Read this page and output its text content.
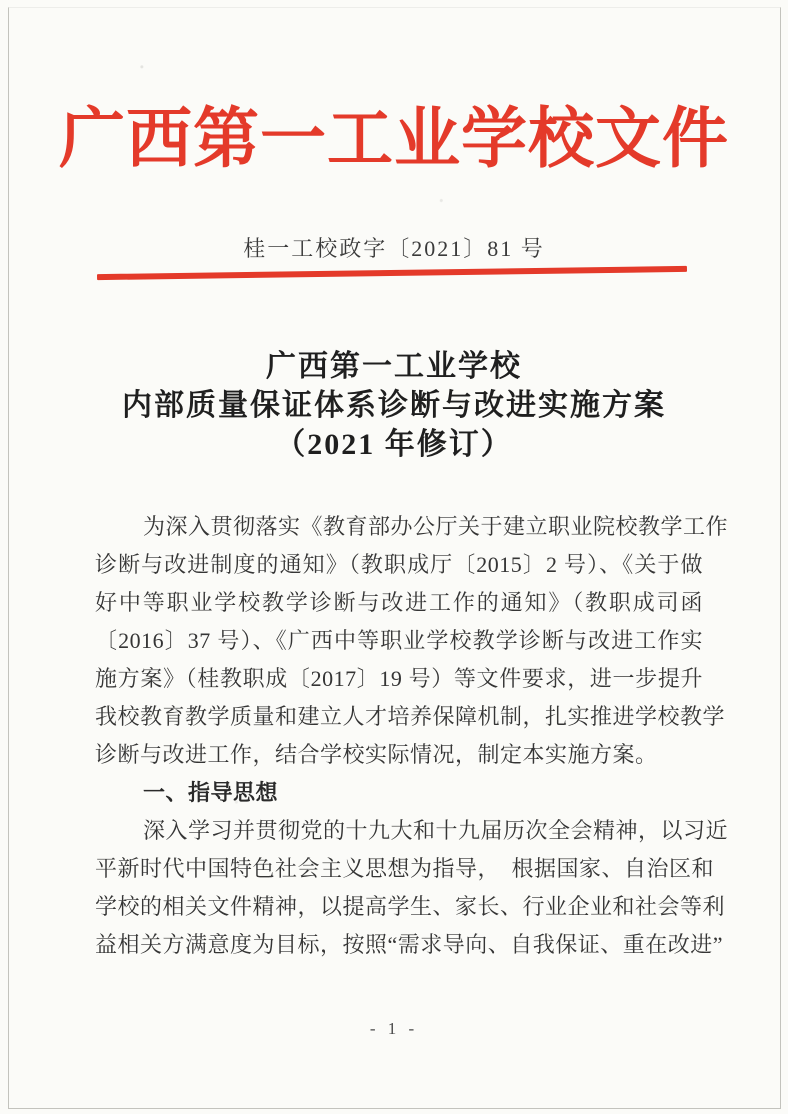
广西第一工业学校文件
桂一工校政字〔2021〕81 号
广西第一工业学校
内部质量保证体系诊断与改进实施方案
（2021 年修订）
为深入贯彻落实《教育部办公厅关于建立职业院校教学工作
诊断与改进制度的通知》（教职成厅〔2015〕2 号）、《关于做
好中等职业学校教学诊断与改进工作的通知》（教职成司函
〔2016〕37 号）、《广西中等职业学校教学诊断与改进工作实
施方案》（桂教职成〔2017〕19 号）等文件要求，进一步提升
我校教育教学质量和建立人才培养保障机制，扎实推进学校教学
诊断与改进工作，结合学校实际情况，制定本实施方案。
一、指导思想
深入学习并贯彻党的十九大和十九届历次全会精神，以习近
平新时代中国特色社会主义思想为指导，　根据国家、自治区和
学校的相关文件精神，以提高学生、家长、行业企业和社会等利
益相关方满意度为目标，按照“需求导向、自我保证、重在改进”
- 1 -
